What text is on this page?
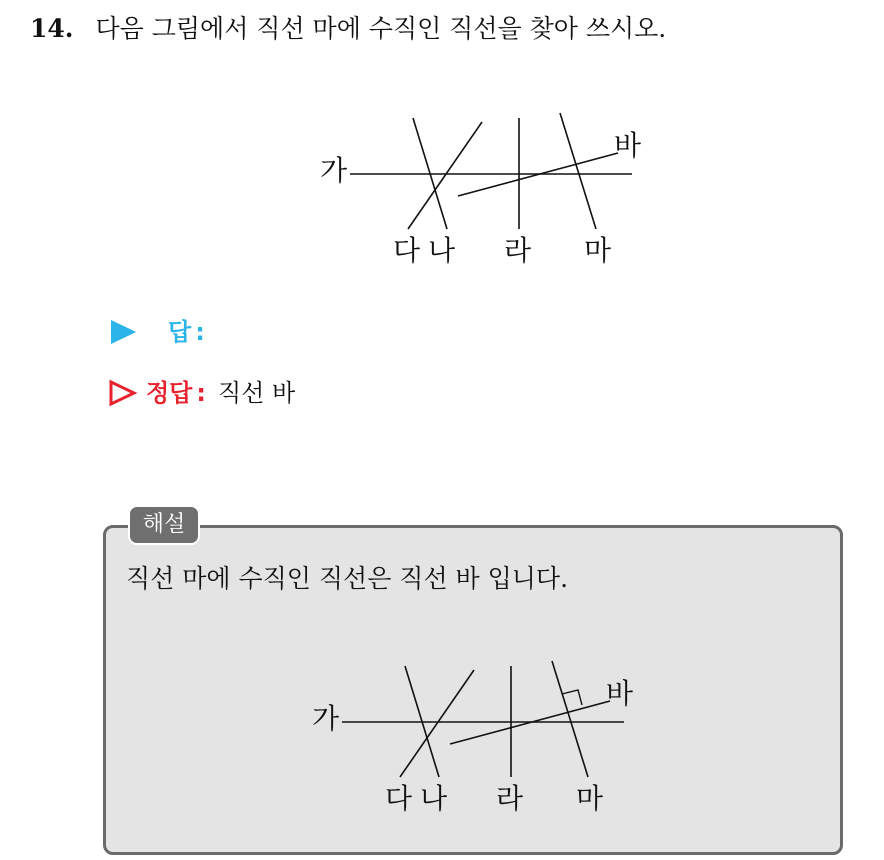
14. 다음 그림에서 직선 마에 수직인 직선을 찾아 쓰시오.
가
바
다 나 라 마
답 :
정답 : 직선 바
해설
직선 마에 수직인 직선은 직선 바 입니다.
가
바
다 나 라 마
